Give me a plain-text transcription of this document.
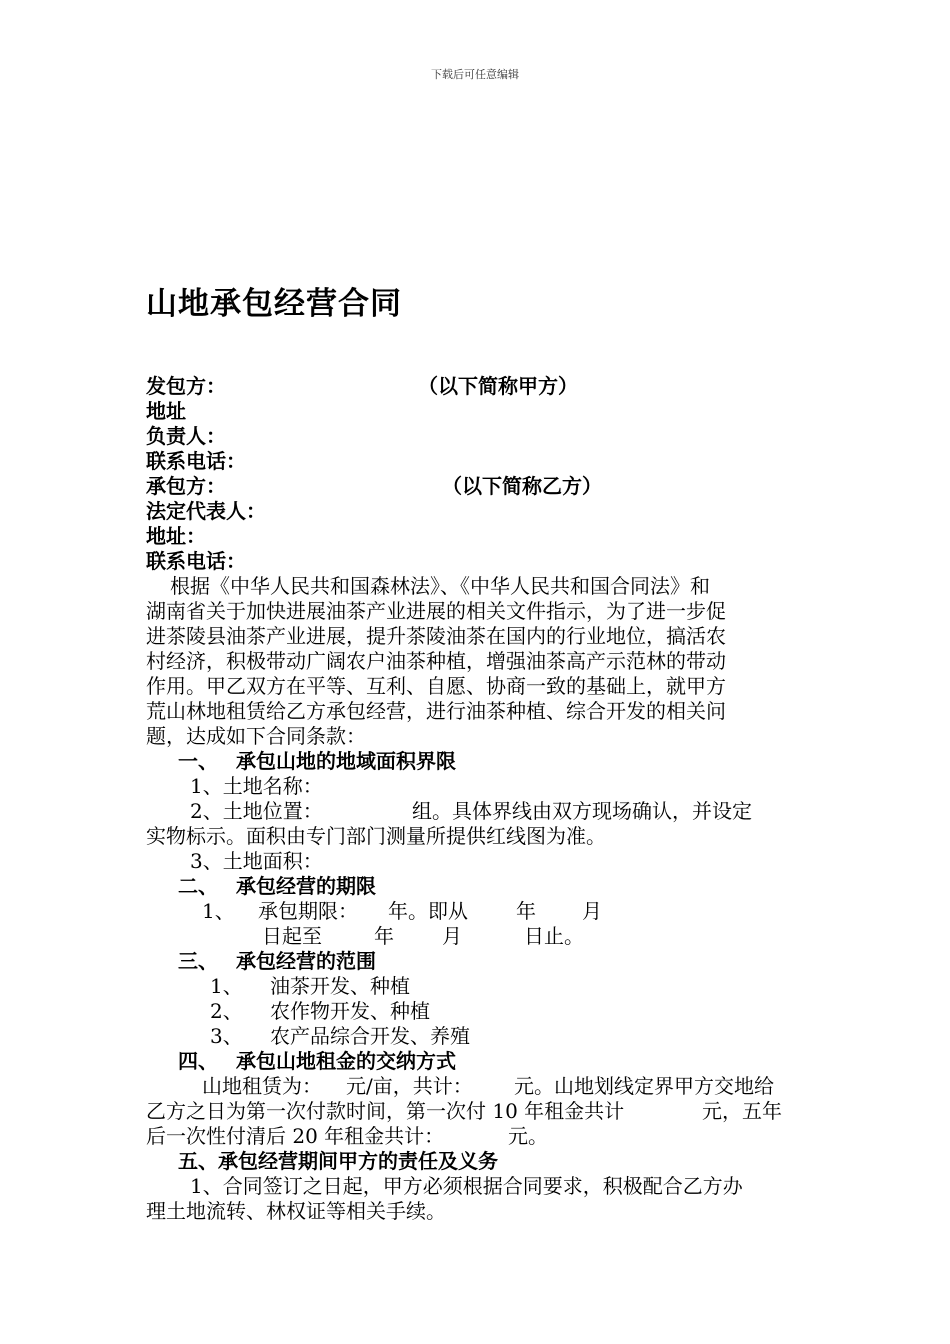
下载后可任意编辑
山地承包经营合同
发包方：	（以下简称甲方）
地址
负责人：
联系电话：
承包方：	（以下简称乙方）
法定代表人：
地址：
联系电话：
根据《中华人民共和国森林法》、《中华人民共和国合同法》和
湖南省关于加快进展油茶产业进展的相关文件指示，为了进一步促
进茶陵县油茶产业进展，提升茶陵油茶在国内的行业地位，搞活农
村经济，积极带动广阔农户油茶种植，增强油茶高产示范林的带动
作用。甲乙双方在平等、互利、自愿、协商一致的基础上，就甲方
荒山林地租赁给乙方承包经营，进行油茶种植、综合开发的相关问
题，达成如下合同条款：
一、 承包山地的地域面积界限
1、土地名称：
2、土地位置：	组。具体界线由双方现场确认，并设定
实物标示。面积由专门部门测量所提供红线图为准。
3、土地面积：
二、 承包经营的期限
1、 承包期限： 年。即从 年 月
日起至	年 月	日止。
三、 承包经营的范围
1、 油茶开发、种植
2、 农作物开发、种植
3、 农产品综合开发、养殖
四、 承包山地租金的交纳方式
山地租赁为： 元/亩，共计： 元。山地划线定界甲方交地给
乙方之日为第一次付款时间，第一次付 10 年租金共计	元，五年
后一次性付清后 20 年租金共计：	元。
五、承包经营期间甲方的责任及义务
1、合同签订之日起，甲方必须根据合同要求，积极配合乙方办
理土地流转、林权证等相关手续。
